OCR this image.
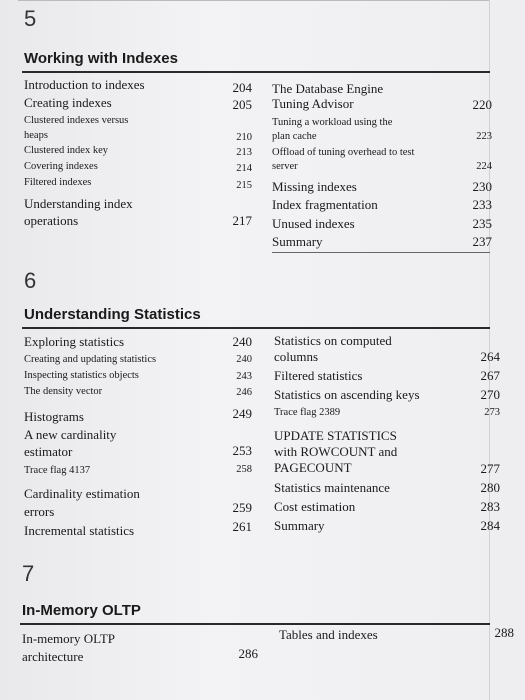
5
Working with Indexes
Introduction to indexes	204
Creating indexes	205
Clustered indexes versus
heaps	210
Clustered index key	213
Covering indexes	214
Filtered indexes	215
Understanding index
operations	217
The Database Engine
Tuning Advisor	220
Tuning a workload using the
plan cache	223
Offload of tuning overhead to test
server	224
Missing indexes	230
Index fragmentation	233
Unused indexes	235
Summary	237
6
Understanding Statistics
Exploring statistics	240
Creating and updating statistics	240
Inspecting statistics objects	243
The density vector	246
Histograms	249
A new cardinality
estimator	253
Trace flag 4137	258
Cardinality estimation
errors	259
Incremental statistics	261
Statistics on computed
columns	264
Filtered statistics	267
Statistics on ascending keys	270
Trace flag 2389	273
UPDATE STATISTICS
with ROWCOUNT and
PAGECOUNT	277
Statistics maintenance	280
Cost estimation	283
Summary	284
7
In-Memory OLTP
In-memory OLTP
architecture	286
Tables and indexes	288
